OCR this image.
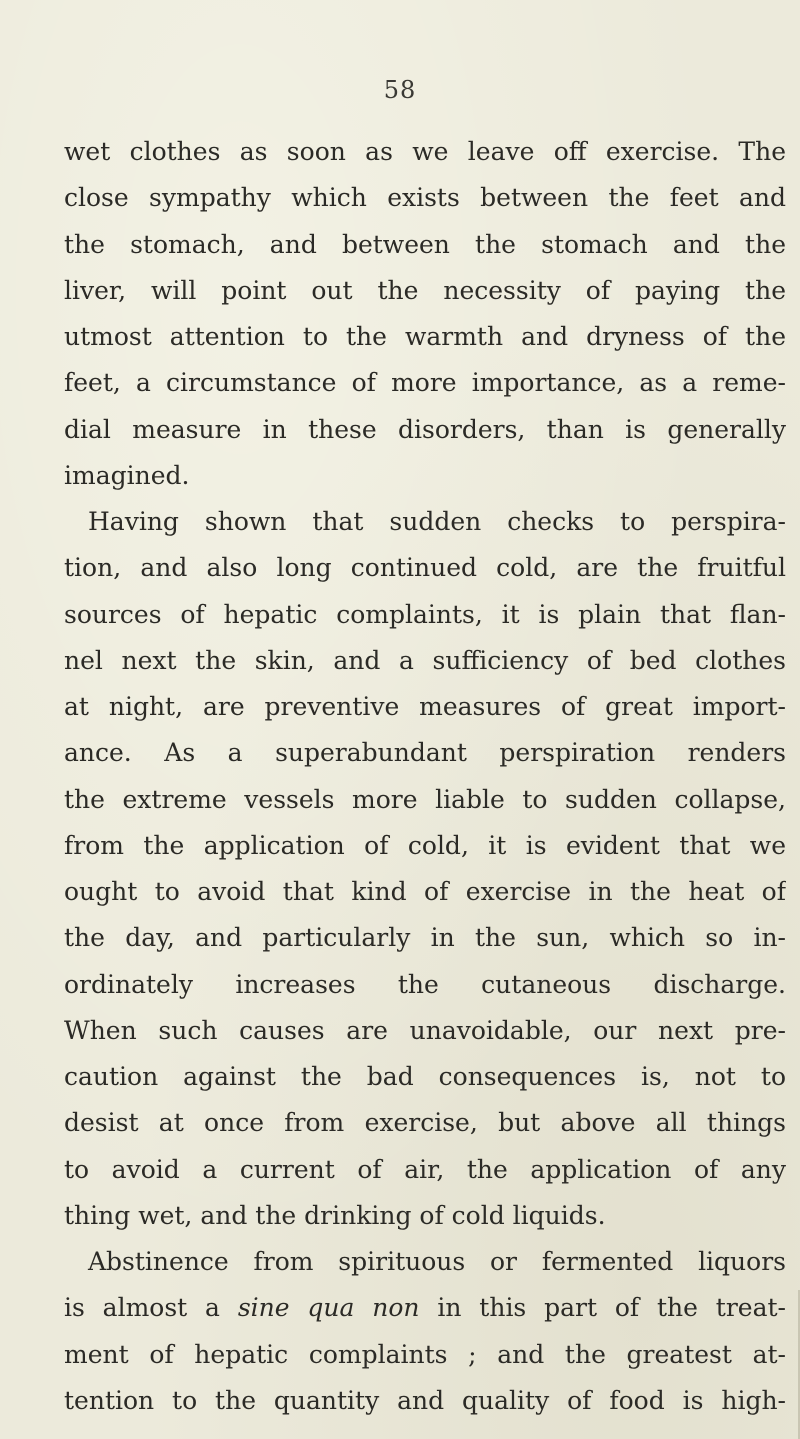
58
wet clothes as soon as we leave off exercise. The
close sympathy which exists between the feet and
the stomach, and between the stomach and the
liver, will point out the necessity of paying the
utmost attention to the warmth and dryness of the
feet, a circumstance of more importance, as a reme-
dial measure in these disorders, than is generally
imagined.
Having shown that sudden checks to perspira-
tion, and also long continued cold, are the fruitful
sources of hepatic complaints, it is plain that flan-
nel next the skin, and a sufficiency of bed clothes
at night, are preventive measures of great import-
ance. As a superabundant perspiration renders
the extreme vessels more liable to sudden collapse,
from the application of cold, it is evident that we
ought to avoid that kind of exercise in the heat of
the day, and particularly in the sun, which so in-
ordinately increases the cutaneous discharge.
When such causes are unavoidable, our next pre-
caution against the bad consequences is, not to
desist at once from exercise, but above all things
to avoid a current of air, the application of any
thing wet, and the drinking of cold liquids.
Abstinence from spirituous or fermented liquors
is almost a sine qua non in this part of the treat-
ment of hepatic complaints ; and the greatest at-
tention to the quantity and quality of food is high-
